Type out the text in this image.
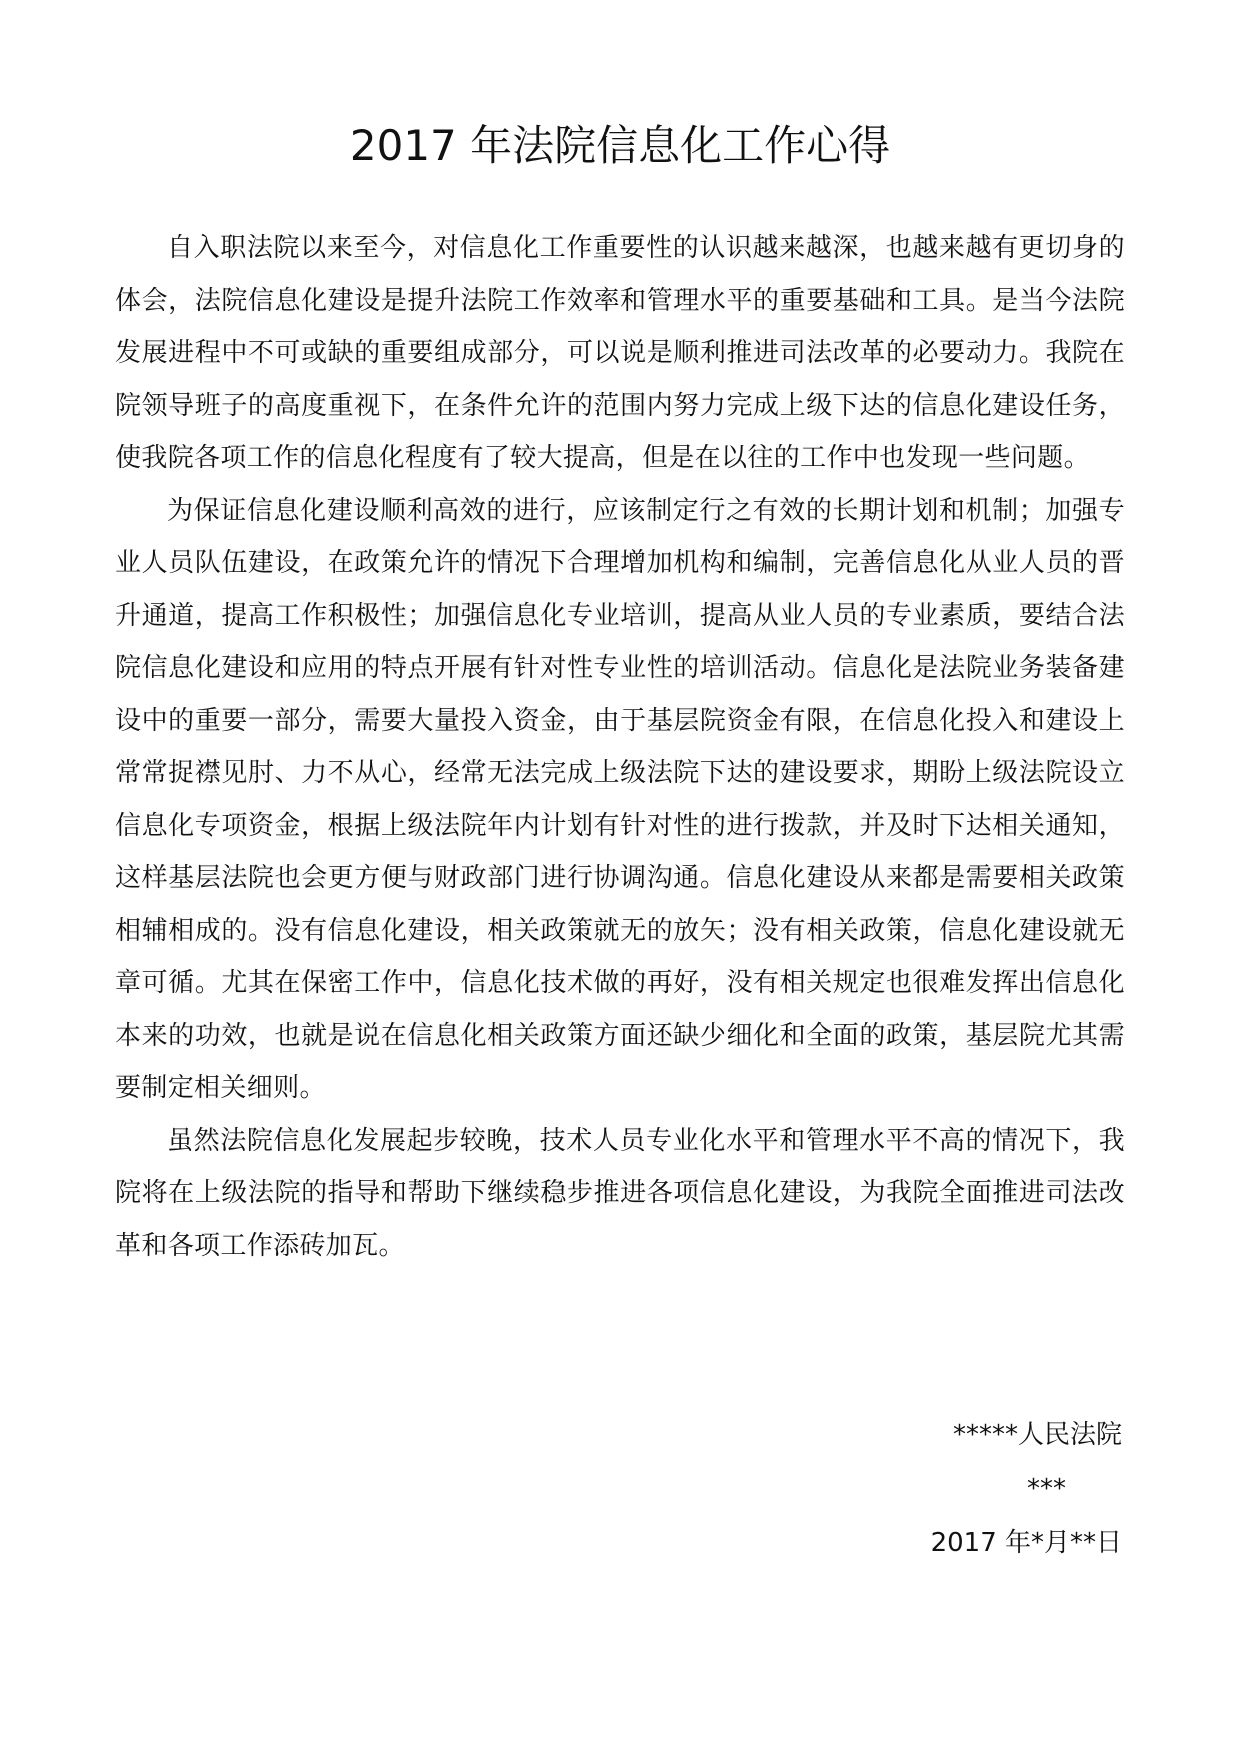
2017 年法院信息化工作心得

自入职法院以来至今，对信息化工作重要性的认识越来越深，也越来越有更切身的体会，法院信息化建设是提升法院工作效率和管理水平的重要基础和工具。是当今法院发展进程中不可或缺的重要组成部分，可以说是顺利推进司法改革的必要动力。我院在院领导班子的高度重视下，在条件允许的范围内努力完成上级下达的信息化建设任务，使我院各项工作的信息化程度有了较大提高，但是在以往的工作中也发现一些问题。

为保证信息化建设顺利高效的进行，应该制定行之有效的长期计划和机制；加强专业人员队伍建设，在政策允许的情况下合理增加机构和编制，完善信息化从业人员的晋升通道，提高工作积极性；加强信息化专业培训，提高从业人员的专业素质，要结合法院信息化建设和应用的特点开展有针对性专业性的培训活动。信息化是法院业务装备建设中的重要一部分，需要大量投入资金，由于基层院资金有限，在信息化投入和建设上常常捉襟见肘、力不从心，经常无法完成上级法院下达的建设要求，期盼上级法院设立信息化专项资金，根据上级法院年内计划有针对性的进行拨款，并及时下达相关通知，这样基层法院也会更方便与财政部门进行协调沟通。信息化建设从来都是需要相关政策相辅相成的。没有信息化建设，相关政策就无的放矢；没有相关政策，信息化建设就无章可循。尤其在保密工作中，信息化技术做的再好，没有相关规定也很难发挥出信息化本来的功效，也就是说在信息化相关政策方面还缺少细化和全面的政策，基层院尤其需要制定相关细则。

虽然法院信息化发展起步较晚，技术人员专业化水平和管理水平不高的情况下，我院将在上级法院的指导和帮助下继续稳步推进各项信息化建设，为我院全面推进司法改革和各项工作添砖加瓦。

*****人民法院
***
2017 年*月**日
